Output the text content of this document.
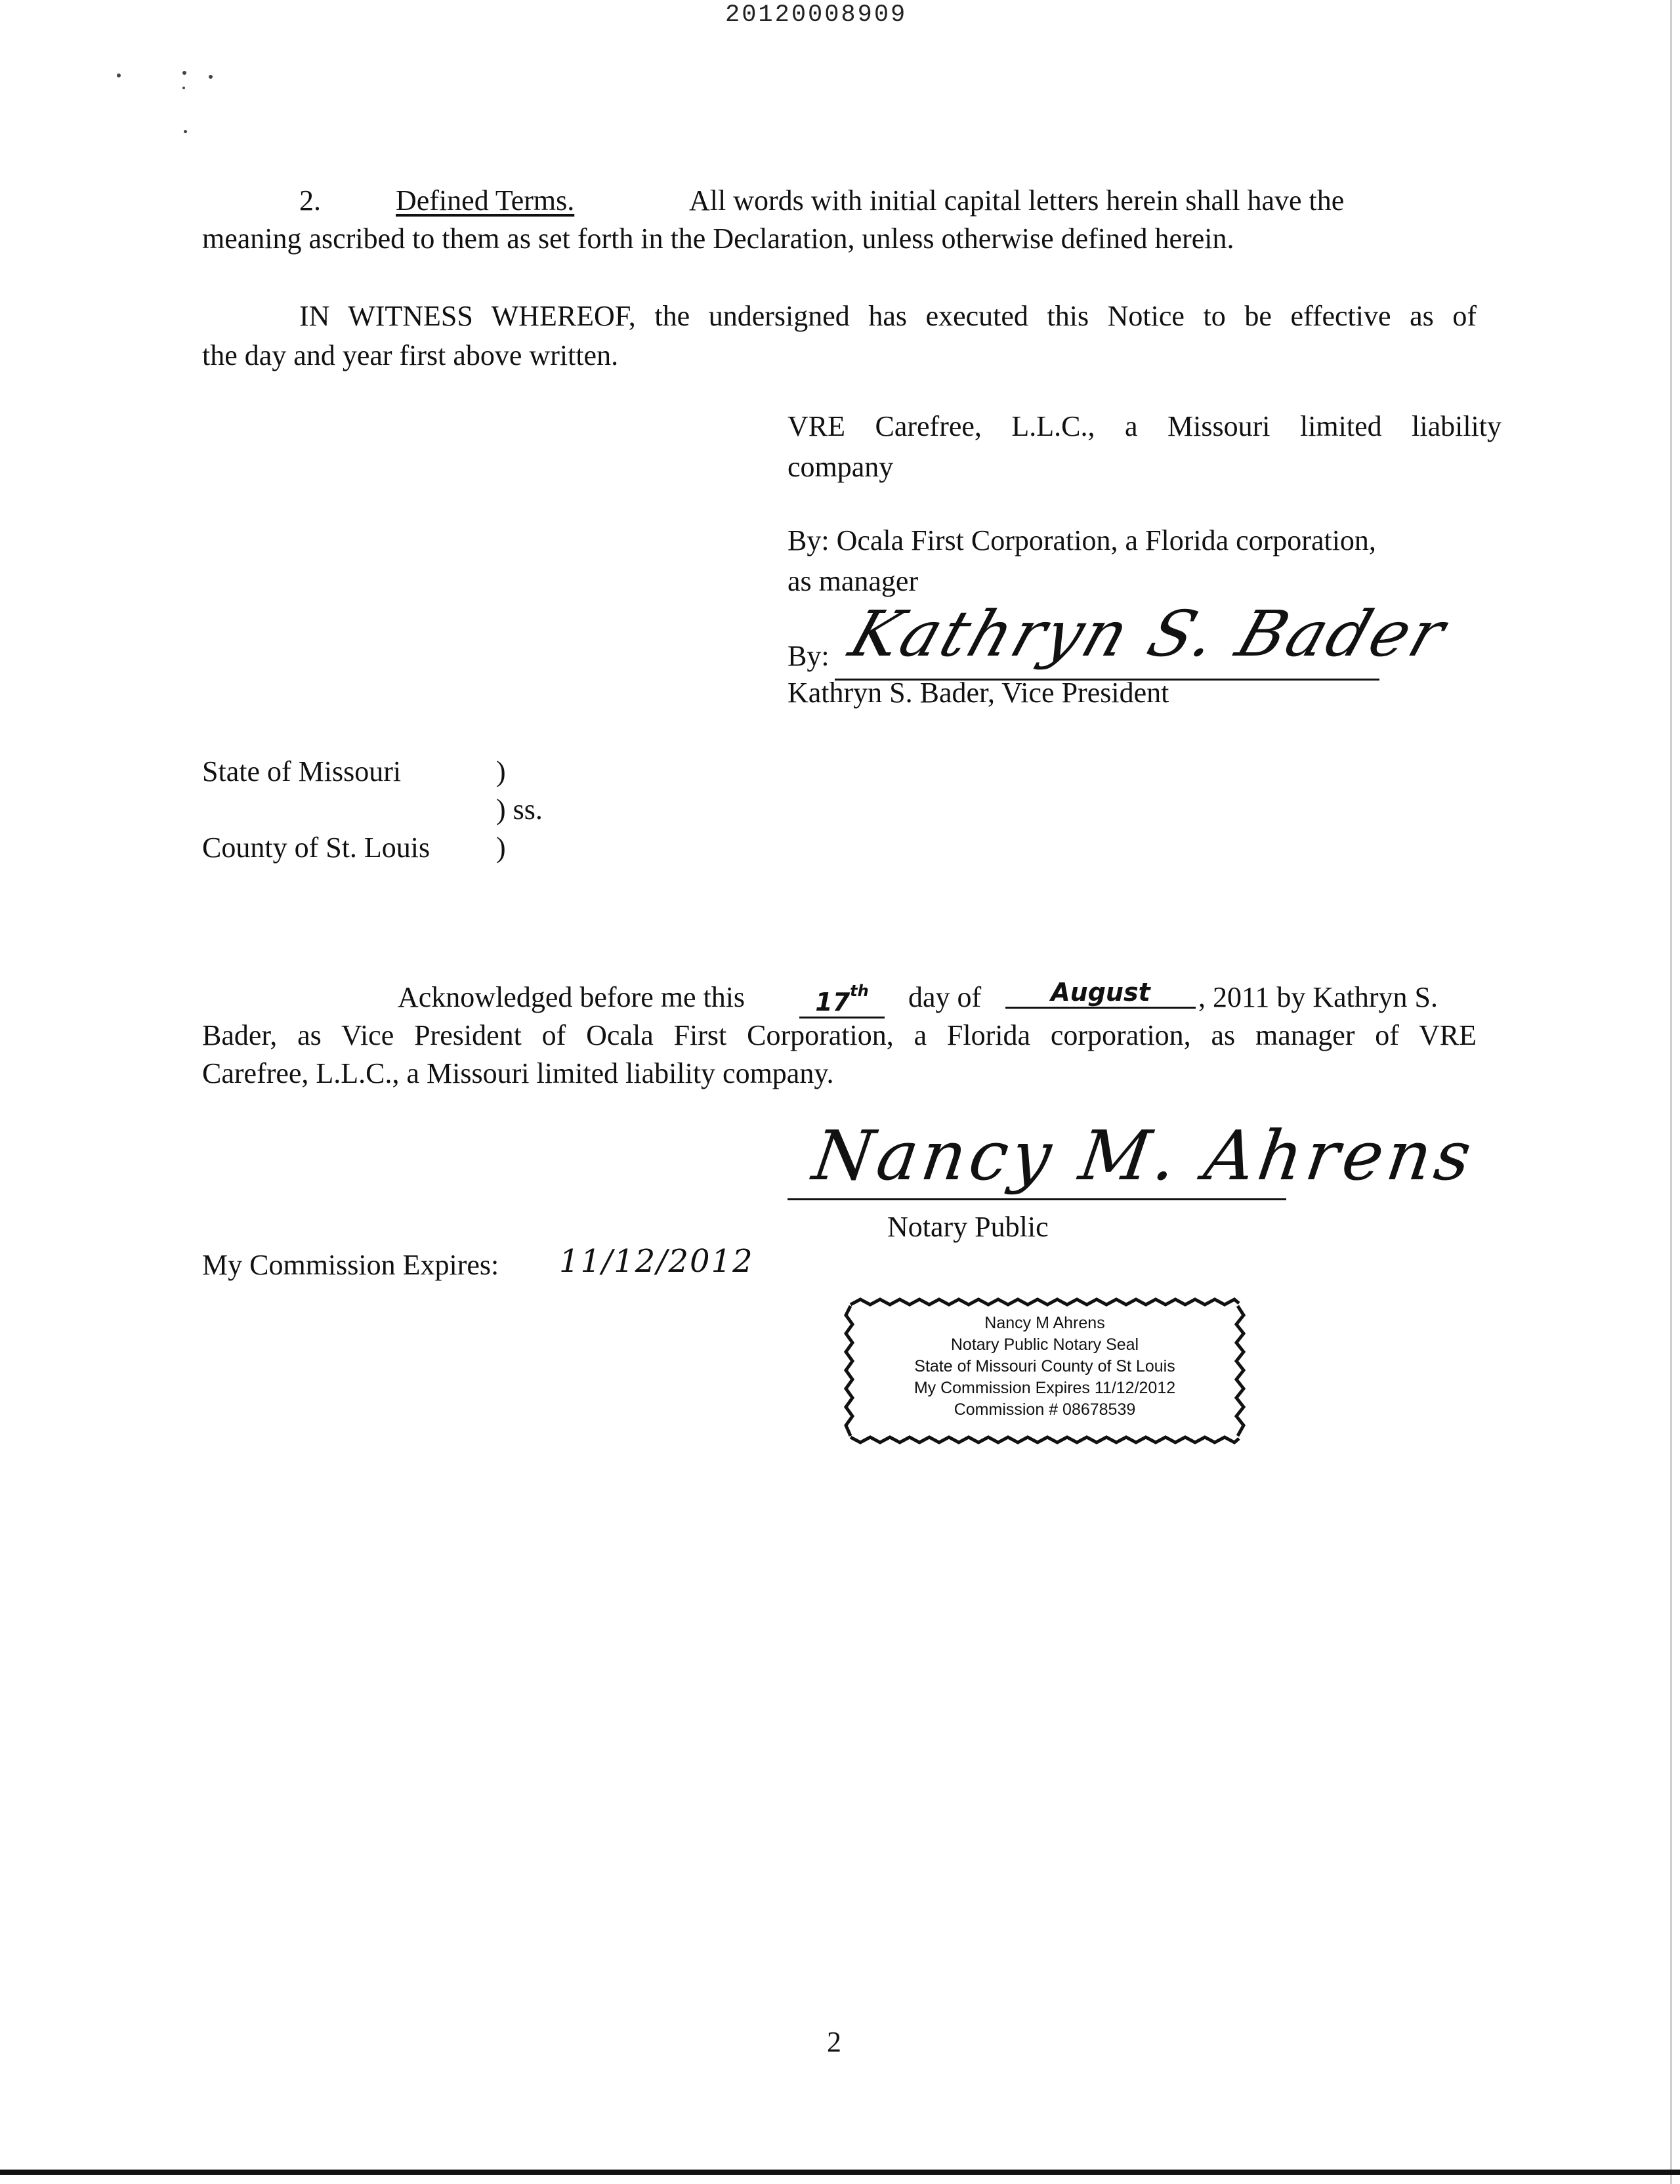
20120008909
2.	Defined Terms.	All words with initial capital letters herein shall have the
meaning ascribed to them as set forth in the Declaration, unless otherwise defined herein.
IN WITNESS WHEREOF, the undersigned has executed this Notice to be effective as of
the day and year first above written.
VRE Carefree, L.L.C., a Missouri limited liability
company
By: Ocala First Corporation, a Florida corporation,
as manager
By: Kathryn S. Bader
Kathryn S. Bader, Vice President
State of Missouri	)
) ss.
County of St. Louis )
Acknowledged before me this	17th	day of	August	, 2011 by Kathryn S.
Bader, as Vice President of Ocala First Corporation, a Florida corporation, as manager of VRE
Carefree, L.L.C., a Missouri limited liability company.
Nancy M. Ahrens
Notary Public
My Commission Expires: 11/12/2012
Nancy M Ahrens
Notary Public Notary Seal
State of Missouri County of St Louis
My Commission Expires 11/12/2012
Commission # 08678539
2
